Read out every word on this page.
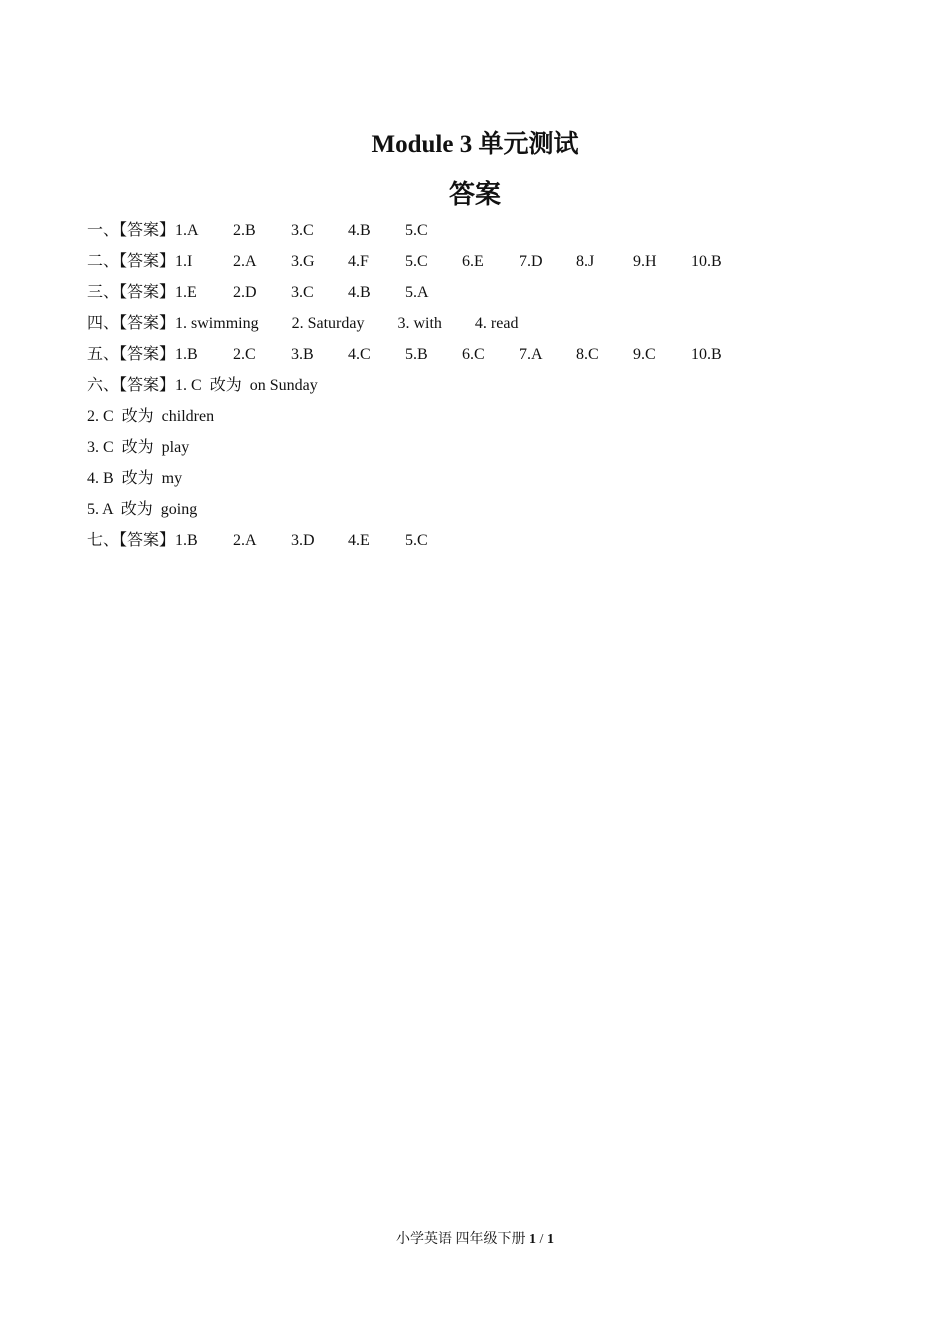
Module 3 单元测试
答案
一、【答案】1.A 2.B 3.C 4.B 5.C
二、【答案】1.I	2.A 3.G 4.F 5.C 6.E 7.D 8.J 9.H 10.B
三、【答案】1.E 2.D 3.C 4.B 5.A
四、【答案】1. swimming 2. Saturday 3. with 4. read
五、【答案】1.B 2.C 3.B 4.C 5.B 6.C 7.A 8.C 9.C 10.B
六、【答案】1. C  改为  on Sunday
2. C  改为  children
3. C  改为  play
4. B  改为  my
5. A  改为  going
七、【答案】1.B 2.A 3.D 4.E 5.C
小学英语 四年级下册 1 / 1
